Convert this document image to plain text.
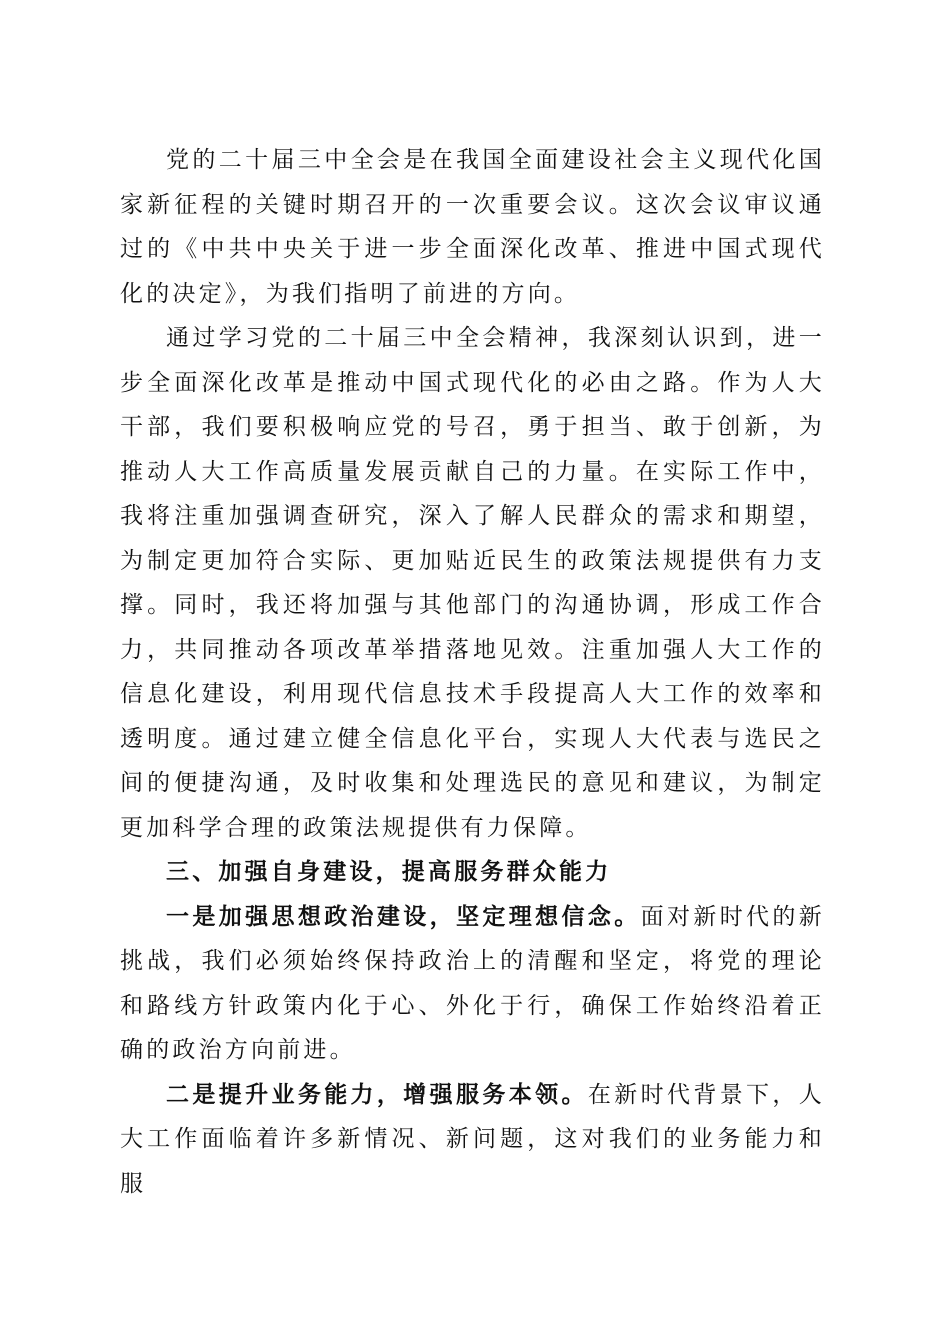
党的二十届三中全会是在我国全面建设社会主义现代化国家新征程的关键时期召开的一次重要会议。这次会议审议通过的《中共中央关于进一步全面深化改革、推进中国式现代化的决定》，为我们指明了前进的方向。

通过学习党的二十届三中全会精神，我深刻认识到，进一步全面深化改革是推动中国式现代化的必由之路。作为人大干部，我们要积极响应党的号召，勇于担当、敢于创新，为推动人大工作高质量发展贡献自己的力量。在实际工作中，我将注重加强调查研究，深入了解人民群众的需求和期望，为制定更加符合实际、更加贴近民生的政策法规提供有力支撑。同时，我还将加强与其他部门的沟通协调，形成工作合力，共同推动各项改革举措落地见效。注重加强人大工作的信息化建设，利用现代信息技术手段提高人大工作的效率和透明度。通过建立健全信息化平台，实现人大代表与选民之间的便捷沟通，及时收集和处理选民的意见和建议，为制定更加科学合理的政策法规提供有力保障。

三、加强自身建设，提高服务群众能力

一是加强思想政治建设，坚定理想信念。面对新时代的新挑战，我们必须始终保持政治上的清醒和坚定，将党的理论和路线方针政策内化于心、外化于行，确保工作始终沿着正确的政治方向前进。

二是提升业务能力，增强服务本领。在新时代背景下，人大工作面临着许多新情况、新问题，这对我们的业务能力和服
